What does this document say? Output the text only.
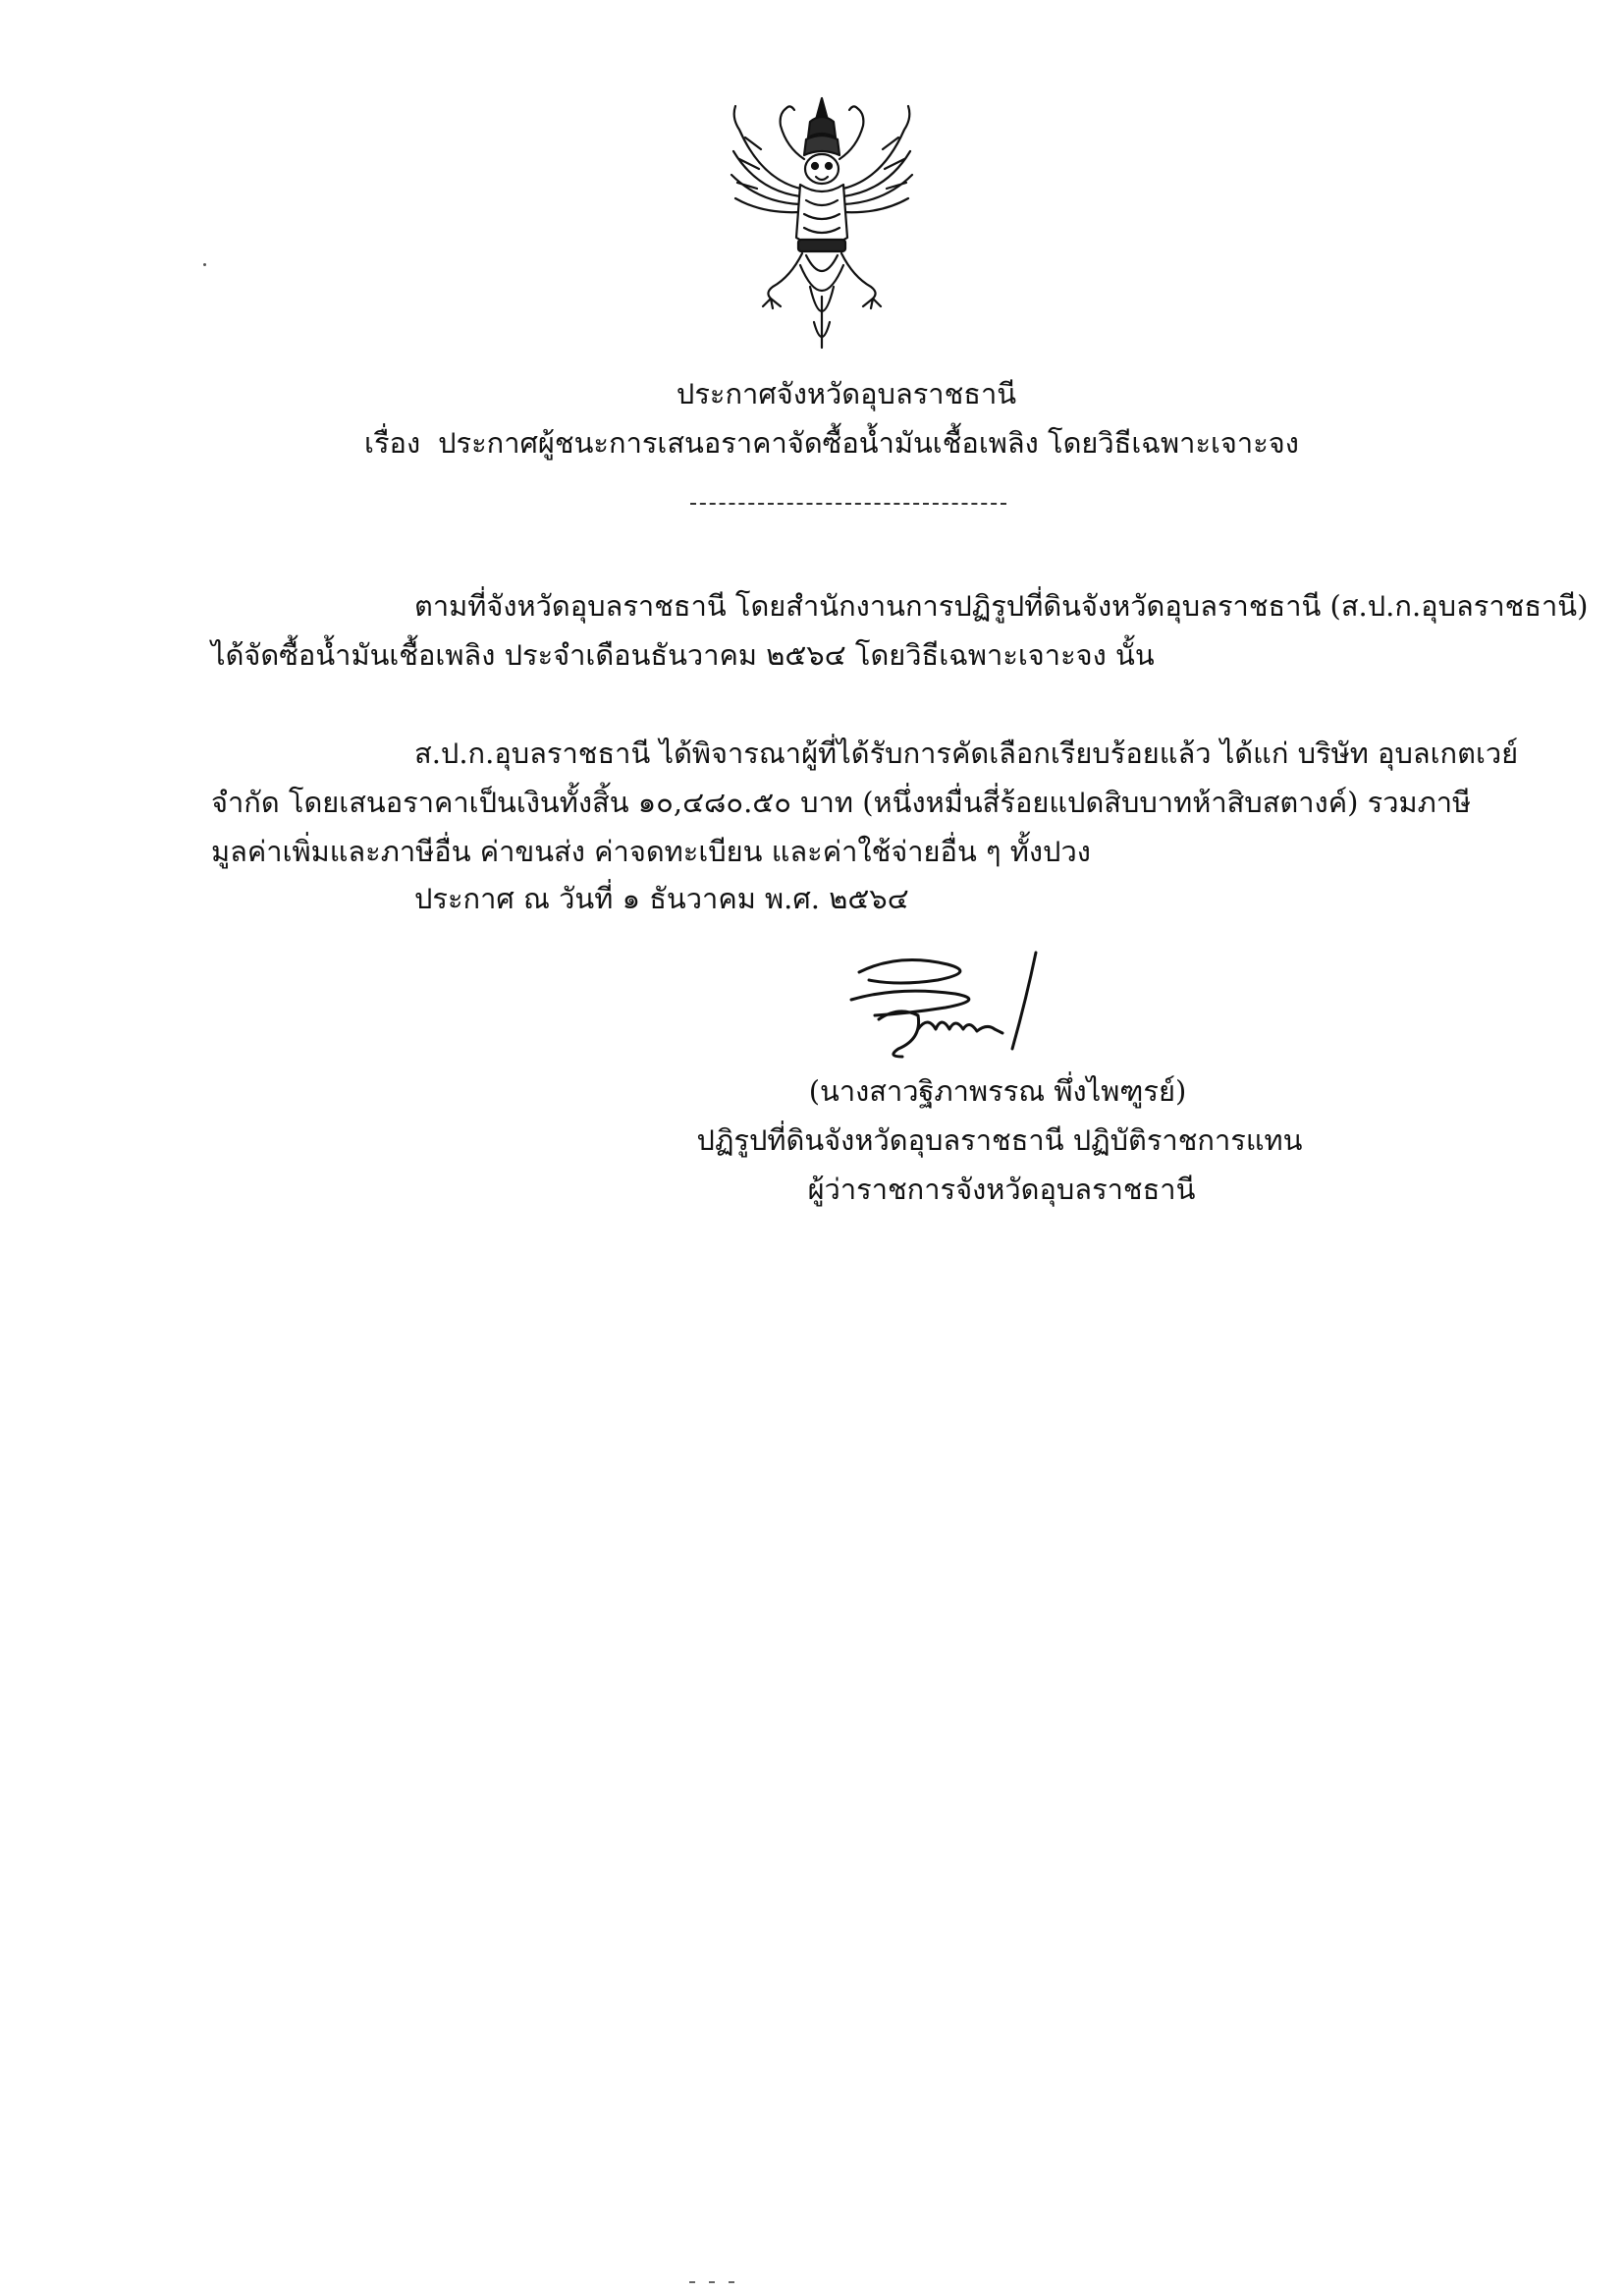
ประกาศจังหวัดอุบลราชธานี
เรื่อง ประกาศผู้ชนะการเสนอราคาจัดซื้อน้ำมันเชื้อเพลิง โดยวิธีเฉพาะเจาะจง
ตามที่จังหวัดอุบลราชธานี โดยสำนักงานการปฏิรูปที่ดินจังหวัดอุบลราชธานี (ส.ป.ก.อุบลราชธานี)
ได้จัดซื้อน้ำมันเชื้อเพลิง ประจำเดือนธันวาคม ๒๕๖๔ โดยวิธีเฉพาะเจาะจง นั้น
ส.ป.ก.อุบลราชธานี ได้พิจารณาผู้ที่ได้รับการคัดเลือกเรียบร้อยแล้ว ได้แก่ บริษัท อุบลเกตเวย์
จำกัด โดยเสนอราคาเป็นเงินทั้งสิ้น ๑๐,๔๘๐.๕๐ บาท (หนึ่งหมื่นสี่ร้อยแปดสิบบาทห้าสิบสตางค์) รวมภาษี
มูลค่าเพิ่มและภาษีอื่น ค่าขนส่ง ค่าจดทะเบียน และค่าใช้จ่ายอื่น ๆ ทั้งปวง
ประกาศ ณ วันที่ ๑ ธันวาคม พ.ศ. ๒๕๖๔
(นางสาวฐิภาพรรณ พึ่งไพฑูรย์)
ปฏิรูปที่ดินจังหวัดอุบลราชธานี ปฏิบัติราชการแทน
ผู้ว่าราชการจังหวัดอุบลราชธานี
